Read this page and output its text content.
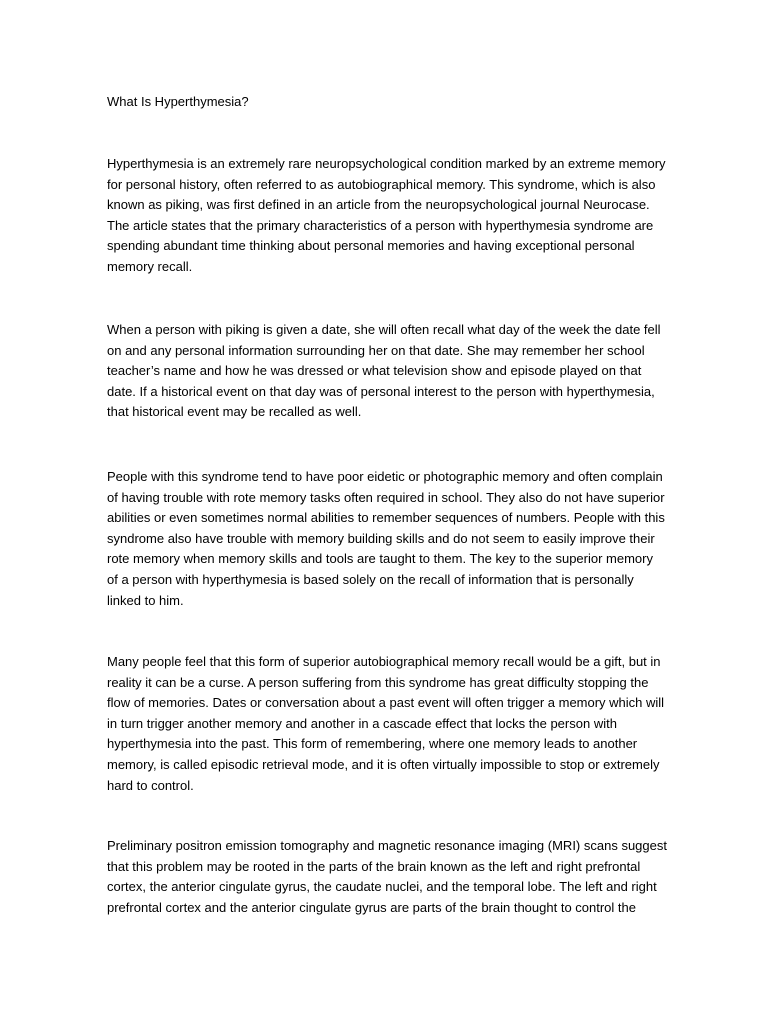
What Is Hyperthymesia?

Hyperthymesia is an extremely rare neuropsychological condition marked by an extreme memory for personal history, often referred to as autobiographical memory. This syndrome, which is also known as piking, was first defined in an article from the neuropsychological journal Neurocase. The article states that the primary characteristics of a person with hyperthymesia syndrome are spending abundant time thinking about personal memories and having exceptional personal memory recall.

When a person with piking is given a date, she will often recall what day of the week the date fell on and any personal information surrounding her on that date. She may remember her school teacher’s name and how he was dressed or what television show and episode played on that date. If a historical event on that day was of personal interest to the person with hyperthymesia, that historical event may be recalled as well.

People with this syndrome tend to have poor eidetic or photographic memory and often complain of having trouble with rote memory tasks often required in school. They also do not have superior abilities or even sometimes normal abilities to remember sequences of numbers. People with this syndrome also have trouble with memory building skills and do not seem to easily improve their rote memory when memory skills and tools are taught to them. The key to the superior memory of a person with hyperthymesia is based solely on the recall of information that is personally linked to him.

Many people feel that this form of superior autobiographical memory recall would be a gift, but in reality it can be a curse. A person suffering from this syndrome has great difficulty stopping the flow of memories. Dates or conversation about a past event will often trigger a memory which will in turn trigger another memory and another in a cascade effect that locks the person with hyperthymesia into the past. This form of remembering, where one memory leads to another memory, is called episodic retrieval mode, and it is often virtually impossible to stop or extremely hard to control.

Preliminary positron emission tomography and magnetic resonance imaging (MRI) scans suggest that this problem may be rooted in the parts of the brain known as the left and right prefrontal cortex, the anterior cingulate gyrus, the caudate nuclei, and the temporal lobe. The left and right prefrontal cortex and the anterior cingulate gyrus are parts of the brain thought to control the
